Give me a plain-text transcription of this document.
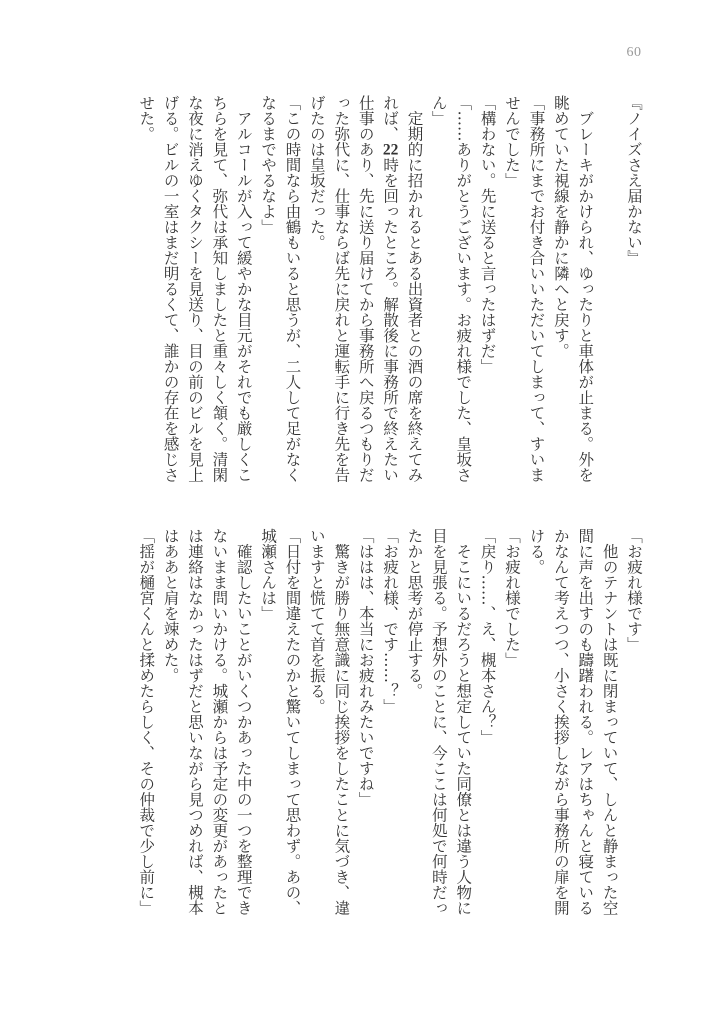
60
『ノイズさえ届かない』
　ブレーキがかけられ、ゆったりと車体が止まる。外を
眺めていた視線を静かに隣へと戻す。
「事務所にまでお付き合いいただいてしまって、すいま
せんでした」
「構わない。先に送ると言ったはずだ」
「……ありがとうございます。お疲れ様でした、皇坂さ
ん」
　定期的に招かれるとある出資者との酒の席を終えてみ
れば、22時を回ったところ。解散後に事務所で終えたい
仕事のあり、先に送り届けてから事務所へ戻るつもりだ
った弥代に、仕事ならば先に戻れと運転手に行き先を告
げたのは皇坂だった。
「この時間なら由鶴もいると思うが、二人して足がなく
なるまでやるなよ」
　アルコールが入って緩やかな目元がそれでも厳しくこ
ちらを見て、弥代は承知しましたと重々しく頷く。清閑
な夜に消えゆくタクシーを見送り、目の前のビルを見上
げる。ビルの一室はまだ明るくて、誰かの存在を感じさ
せた。
「お疲れ様です」
　他のテナントは既に閉まっていて、しんと静まった空
間に声を出すのも躊躇われる。レアはちゃんと寝ている
かなんて考えつつ、小さく挨拶しながら事務所の扉を開
ける。
「お疲れ様でした」
「戻り……、え、槻本さん？」
　そこにいるだろうと想定していた同僚とは違う人物に
目を見張る。予想外のことに、今ここは何処で何時だっ
たかと思考が停止する。
「お疲れ様、です……？」
「ははは、本当にお疲れみたいですね」
　驚きが勝り無意識に同じ挨拶をしたことに気づき、違
いますと慌てて首を振る。
「日付を間違えたのかと驚いてしまって思わず。あの、
城瀬さんは」
　確認したいことがいくつかあった中の一つを整理でき
ないまま問いかける。城瀬からは予定の変更があったと
は連絡はなかったはずだと思いながら見つめれば、槻本
はああと肩を竦めた。
「揺が樋宮くんと揉めたらしく、その仲裁で少し前に」
